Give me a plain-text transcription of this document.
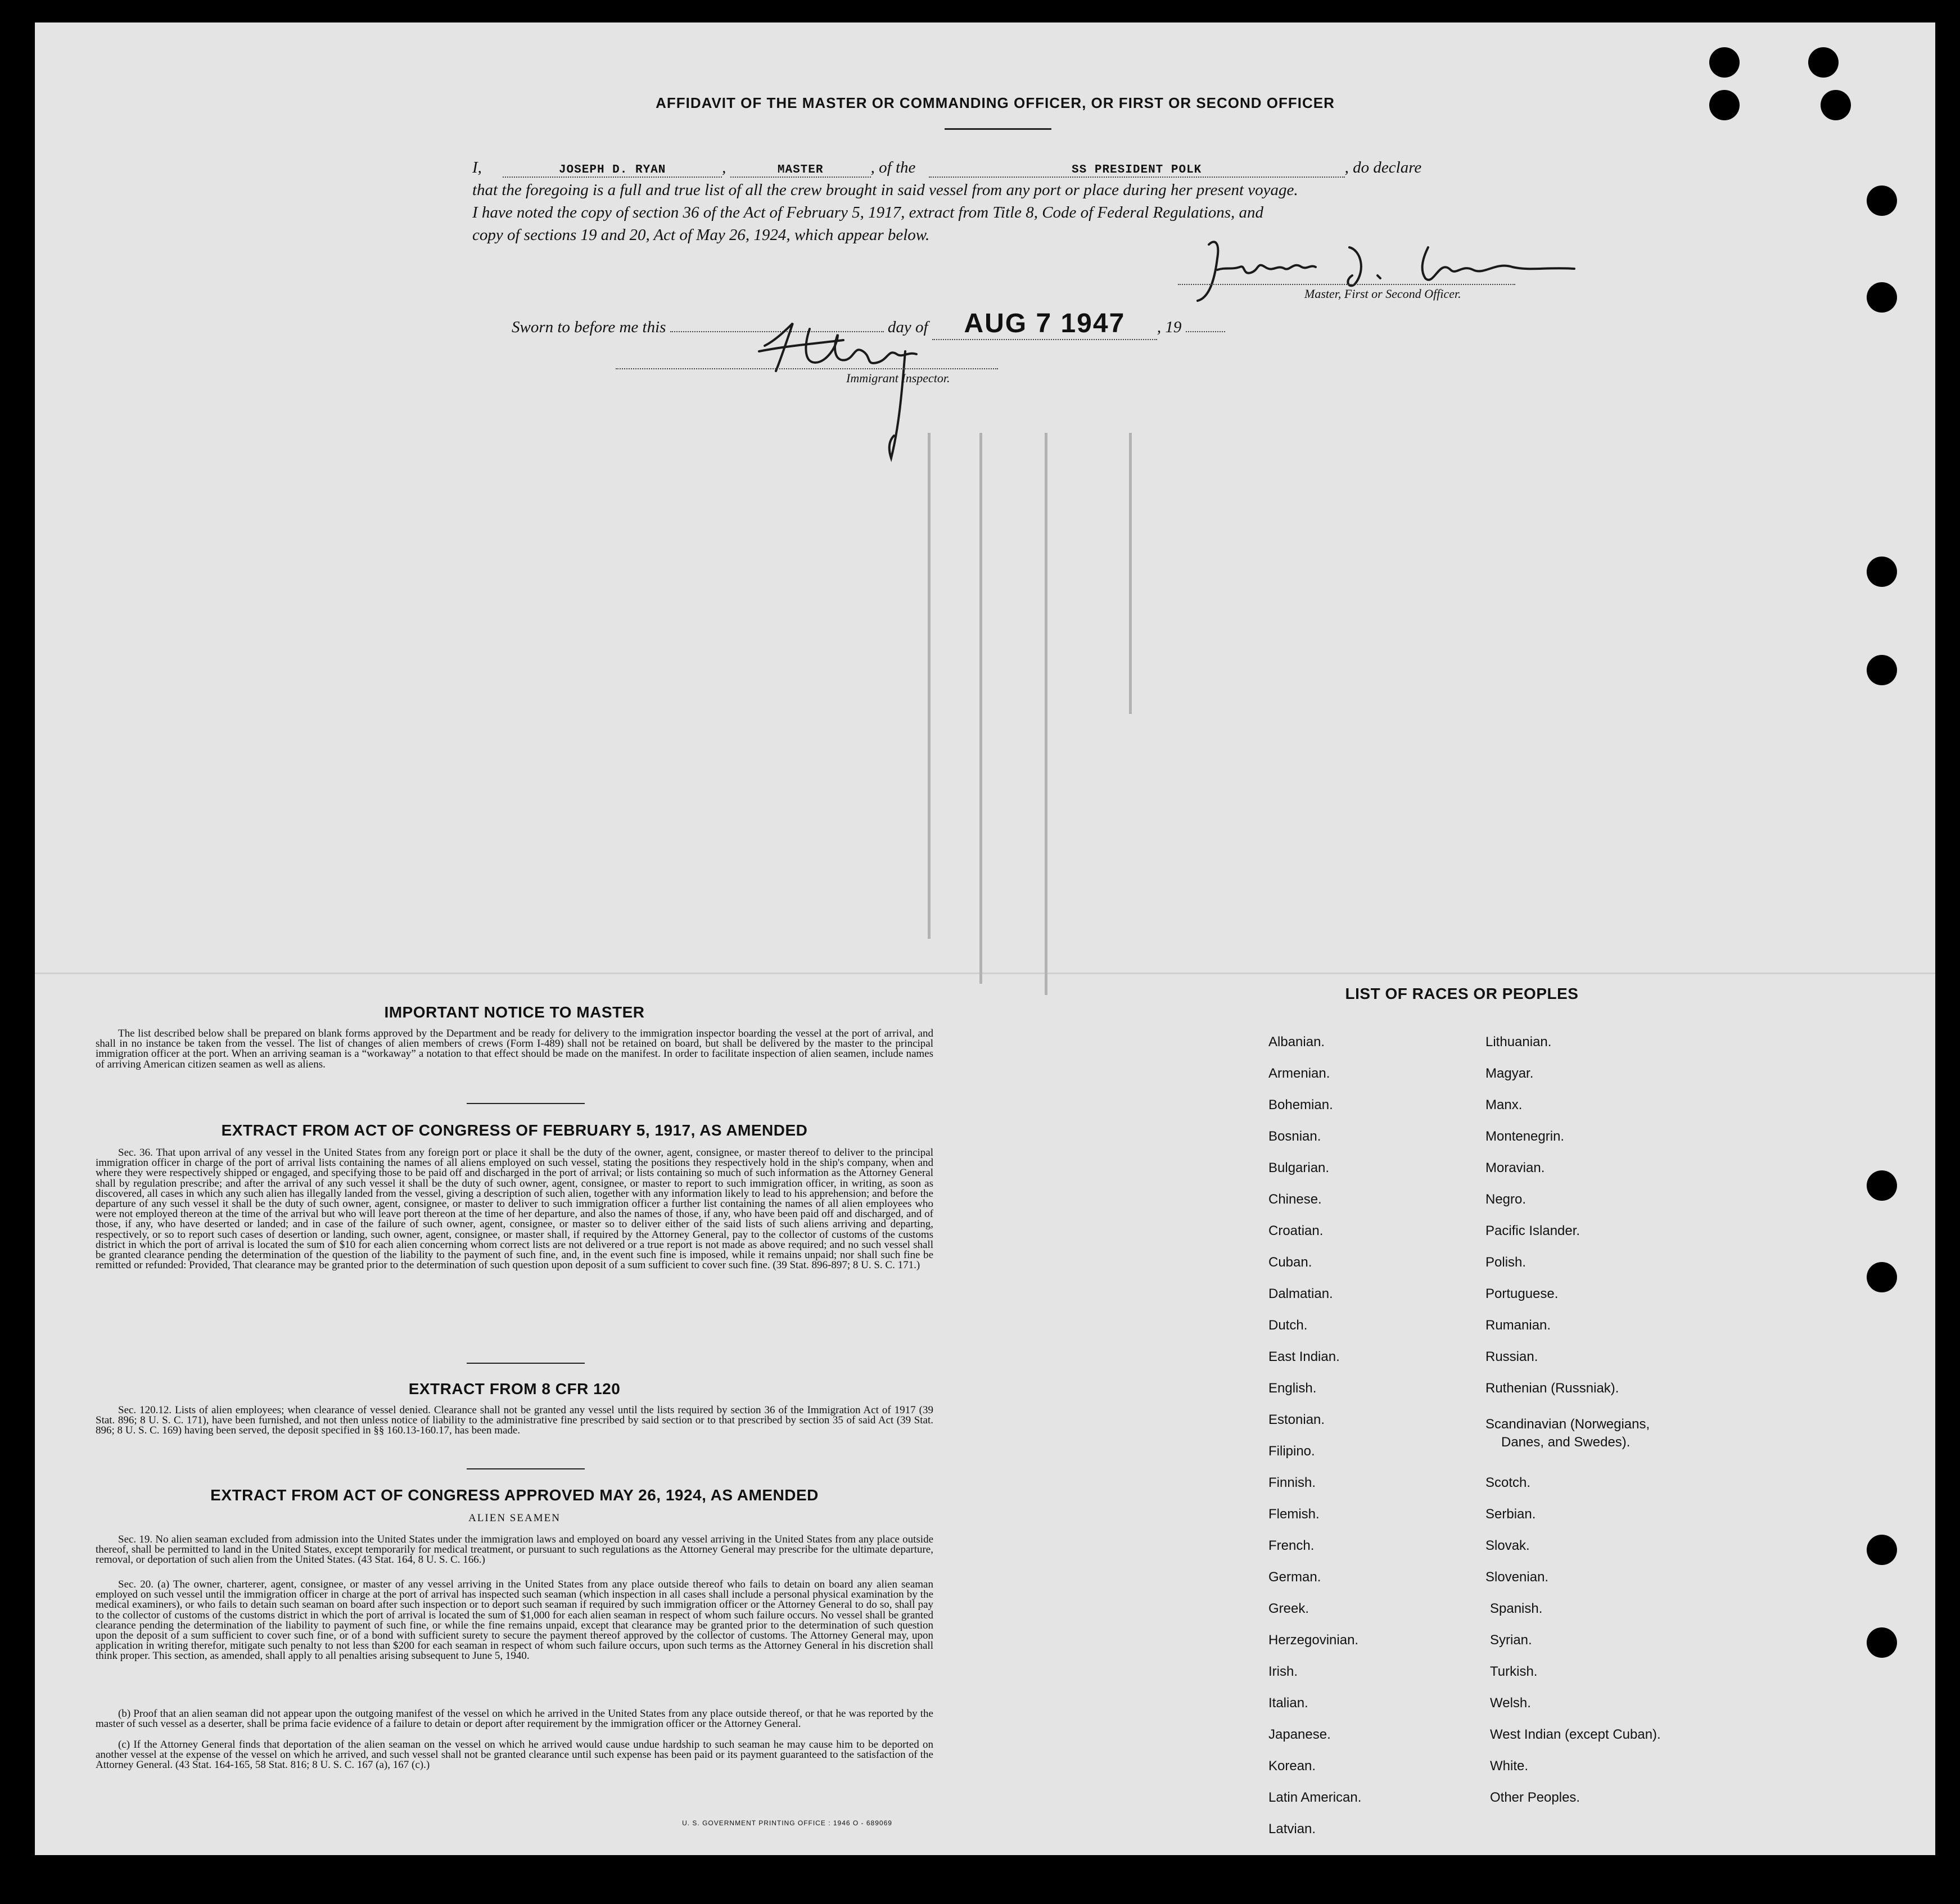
AFFIDAVIT OF THE MASTER OR COMMANDING OFFICER, OR FIRST OR SECOND OFFICER
I,	JOSEPH D. RYAN	,	MASTER	, of the	SS PRESIDENT POLK	, do declare
that the foregoing is a full and true list of all the crew brought in said vessel from any port or place during her present voyage.
I have noted the copy of section 36 of the Act of February 5, 1917, extract from Title 8, Code of Federal Regulations, and
copy of sections 19 and 20, Act of May 26, 1924, which appear below.
Master, First or Second Officer.
Sworn to before me this	day of AUG 7 1947 , 19
Immigrant Inspector.
IMPORTANT NOTICE TO MASTER

The list described below shall be prepared on blank forms approved by the Department and be ready for delivery to the immigration inspector boarding the vessel at the port of arrival, and shall in no instance be taken from the vessel. The list of changes of alien members of crews (Form I-489) shall not be retained on board, but shall be delivered by the master to the principal immigration officer at the port. When an arriving seaman is a “workaway” a notation to that effect should be made on the manifest. In order to facilitate inspection of alien seamen, include names of arriving American citizen seamen as well as aliens.

EXTRACT FROM ACT OF CONGRESS OF FEBRUARY 5, 1917, AS AMENDED

Sec. 36. That upon arrival of any vessel in the United States from any foreign port or place it shall be the duty of the owner, agent, consignee, or master thereof to deliver to the principal immigration officer in charge of the port of arrival lists containing the names of all aliens employed on such vessel, stating the positions they respectively hold in the ship's company, when and where they were respectively shipped or engaged, and specifying those to be paid off and discharged in the port of arrival; or lists containing so much of such information as the Attorney General shall by regulation prescribe; and after the arrival of any such vessel it shall be the duty of such owner, agent, consignee, or master to report to such immigration officer, in writing, as soon as discovered, all cases in which any such alien has illegally landed from the vessel, giving a description of such alien, together with any information likely to lead to his apprehension; and before the departure of any such vessel it shall be the duty of such owner, agent, consignee, or master to deliver to such immigration officer a further list containing the names of all alien employees who were not employed thereon at the time of the arrival but who will leave port thereon at the time of her departure, and also the names of those, if any, who have been paid off and discharged, and of those, if any, who have deserted or landed; and in case of the failure of such owner, agent, consignee, or master so to deliver either of the said lists of such aliens arriving and departing, respectively, or so to report such cases of desertion or landing, such owner, agent, consignee, or master shall, if required by the Attorney General, pay to the collector of customs of the customs district in which the port of arrival is located the sum of $10 for each alien concerning whom correct lists are not delivered or a true report is not made as above required; and no such vessel shall be granted clearance pending the determination of the question of the liability to the payment of such fine, and, in the event such fine is imposed, while it remains unpaid; nor shall such fine be remitted or refunded: Provided, That clearance may be granted prior to the determination of such question upon deposit of a sum sufficient to cover such fine. (39 Stat. 896-897; 8 U. S. C. 171.)

EXTRACT FROM 8 CFR 120

Sec. 120.12. Lists of alien employees; when clearance of vessel denied. Clearance shall not be granted any vessel until the lists required by section 36 of the Immigration Act of 1917 (39 Stat. 896; 8 U. S. C. 171), have been furnished, and not then unless notice of liability to the administrative fine prescribed by said section or to that prescribed by section 35 of said Act (39 Stat. 896; 8 U. S. C. 169) having been served, the deposit specified in §§ 160.13-160.17, has been made.

EXTRACT FROM ACT OF CONGRESS APPROVED MAY 26, 1924, AS AMENDED
ALIEN SEAMEN

Sec. 19. No alien seaman excluded from admission into the United States under the immigration laws and employed on board any vessel arriving in the United States from any place outside thereof, shall be permitted to land in the United States, except temporarily for medical treatment, or pursuant to such regulations as the Attorney General may prescribe for the ultimate departure, removal, or deportation of such alien from the United States. (43 Stat. 164, 8 U. S. C. 166.)

Sec. 20. (a) The owner, charterer, agent, consignee, or master of any vessel arriving in the United States from any place outside thereof who fails to detain on board any alien seaman employed on such vessel until the immigration officer in charge at the port of arrival has inspected such seaman (which inspection in all cases shall include a personal physical examination by the medical examiners), or who fails to detain such seaman on board after such inspection or to deport such seaman if required by such immigration officer or the Attorney General to do so, shall pay to the collector of customs of the customs district in which the port of arrival is located the sum of $1,000 for each alien seaman in respect of whom such failure occurs. No vessel shall be granted clearance pending the determination of the liability to payment of such fine, or while the fine remains unpaid, except that clearance may be granted prior to the determination of such question upon the deposit of a sum sufficient to cover such fine, or of a bond with sufficient surety to secure the payment thereof approved by the collector of customs. The Attorney General may, upon application in writing therefor, mitigate such penalty to not less than $200 for each seaman in respect of whom such failure occurs, upon such terms as the Attorney General in his discretion shall think proper. This section, as amended, shall apply to all penalties arising subsequent to June 5, 1940.

(b) Proof that an alien seaman did not appear upon the outgoing manifest of the vessel on which he arrived in the United States from any place outside thereof, or that he was reported by the master of such vessel as a deserter, shall be prima facie evidence of a failure to detain or deport after requirement by the immigration officer or the Attorney General.

(c) If the Attorney General finds that deportation of the alien seaman on the vessel on which he arrived would cause undue hardship to such seaman he may cause him to be deported on another vessel at the expense of the vessel on which he arrived, and such vessel shall not be granted clearance until such expense has been paid or its payment guaranteed to the satisfaction of the Attorney General. (43 Stat. 164-165, 58 Stat. 816; 8 U. S. C. 167 (a), 167 (c).)

U. S. GOVERNMENT PRINTING OFFICE : 1946 O - 689069
LIST OF RACES OR PEOPLES
Albanian.
Armenian.
Bohemian.
Bosnian.
Bulgarian.
Chinese.
Croatian.
Cuban.
Dalmatian.
Dutch.
East Indian.
English.
Estonian.
Filipino.
Finnish.
Flemish.
French.
German.
Greek.
Herzegovinian.
Irish.
Italian.
Japanese.
Korean.
Latin American.
Latvian.
Lithuanian.
Magyar.
Manx.
Montenegrin.
Moravian.
Negro.
Pacific Islander.
Polish.
Portuguese.
Rumanian.
Russian.
Ruthenian (Russniak).
Scandinavian (Norwegians,
Danes, and Swedes).
Scotch.
Serbian.
Slovak.
Slovenian.
Spanish.
Syrian.
Turkish.
Welsh.
West Indian (except Cuban).
White.
Other Peoples.
